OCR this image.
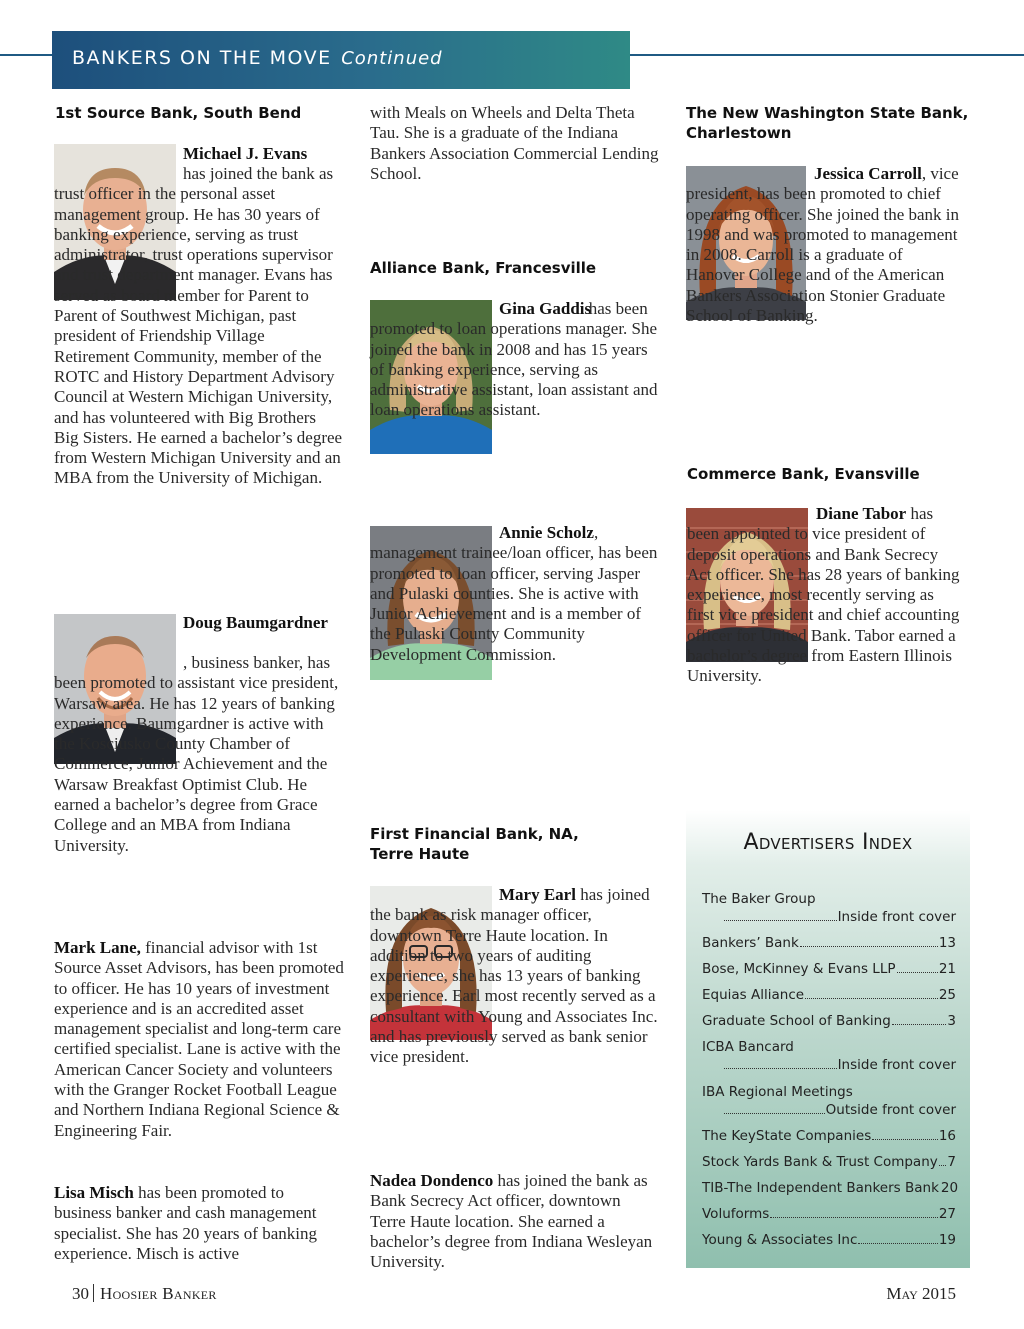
BANKERS ON THE MOVE Continued
1st Source Bank, South Bend

Michael J. Evans

has joined the bank as trust officer in the personal asset management group. He has 30 years of banking experience, serving as trust administrator, trust operations supervisor and trust department manager. Evans has served as board member for Parent to Parent of Southwest Michigan, past president of Friendship Village Retirement Community, member of the ROTC and History Department Advisory Council at Western Michigan University, and has volunteered with Big Brothers Big Sisters. He earned a bachelor’s degree from Western Michigan University and an MBA from the University of Michigan.

Doug Baumgardner

, business banker, has been promoted to assistant vice president, Warsaw area. He has 12 years of banking experience. Baumgardner is active with the Kosciusko County Chamber of Commerce, Junior Achievement and the Warsaw Breakfast Optimist Club. He earned a bachelor’s degree from Grace College and an MBA from Indiana University.

Mark Lane, financial advisor with 1st Source Asset Advisors, has been promoted to officer. He has 10 years of investment experience and is an accredited asset management specialist and long-term care certified specialist. Lane is active with the American Cancer Society and volunteers with the Granger Rocket Football League and Northern Indiana Regional Science & Engineering Fair.

Lisa Misch has been promoted to business banker and cash management specialist. She has 20 years of banking experience. Misch is active

with Meals on Wheels and Delta Theta Tau. She is a graduate of the Indiana Bankers Association Commercial Lending School.

Alliance Bank, Francesville

Gina Gaddis

has been promoted to loan operations manager. She joined the bank in 2008 and has 15 years of banking experience, serving as administrative assistant, loan assistant and loan operations assistant.

Annie Scholz, management trainee/loan officer, has been promoted to loan officer, serving Jasper and Pulaski counties. She is active with Junior Achievement and is a member of the Pulaski County Community Development Commission.

First Financial Bank, NA,
Terre Haute

Mary Earl has joined the bank as risk manager officer, downtown Terre Haute location. In addition to two years of auditing experience, she has 13 years of banking experience. Earl most recently served as a consultant with Young and Associates Inc. and has previously served as bank senior vice president.

Nadea Dondenco has joined the bank as Bank Secrecy Act officer, downtown Terre Haute location. She earned a bachelor’s degree from Indiana Wesleyan University.

The New Washington State Bank,
Charlestown

Jessica Carroll, vice president, has been promoted to chief operating officer. She joined the bank in 1998 and was promoted to management in 2008. Carroll is a graduate of Hanover College and of the American Bankers Association Stonier Graduate School of Banking.

Commerce Bank, Evansville

Diane Tabor has been appointed to vice president of deposit operations and Bank Secrecy Act officer. She has 28 years of banking experience, most recently serving as first vice president and chief accounting officer for United Bank. Tabor earned a bachelor’s degree from Eastern Illinois University.

Advertisers Index
The Baker Group
Inside front cover
Bankers’ Bank	13
Bose, McKinney & Evans LLP	21
Equias Alliance	25
Graduate School of Banking	3
ICBA Bancard
Inside front cover
IBA Regional Meetings
Outside front cover
The KeyState Companies	16
Stock Yards Bank & Trust Company 7
TIB-The Independent Bankers Bank 20
Voluforms	27
Young & Associates Inc	19
30 Hoosier Banker	May 2015
